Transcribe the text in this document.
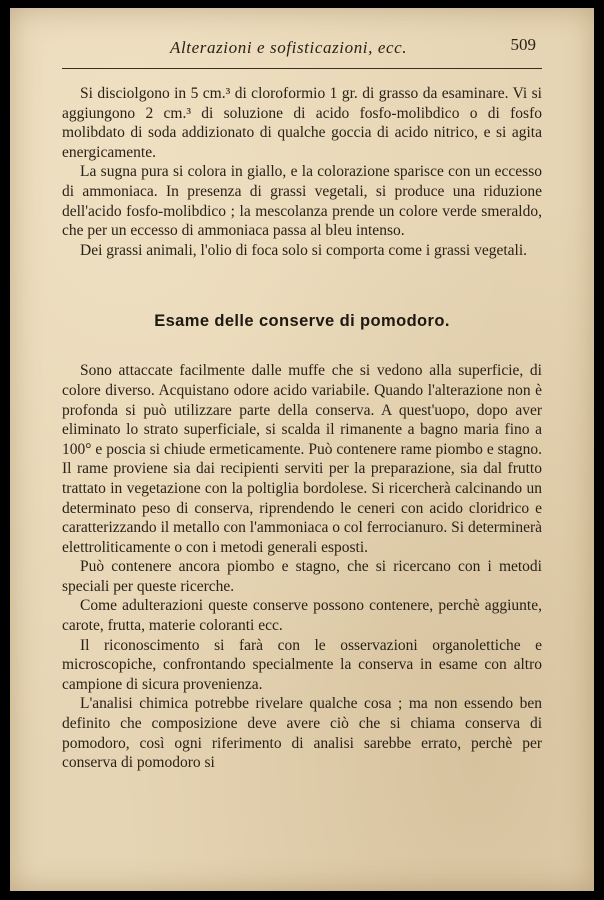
Alterazioni e sofisticazioni, ecc.	509

Si disciolgono in 5 cm.³ di cloroformio 1 gr. di grasso da esaminare. Vi si aggiungono 2 cm.³ di soluzione di acido fosfo-molibdico o di fosfo molibdato di soda addizionato di qualche goccia di acido nitrico, e si agita energicamente.

La sugna pura si colora in giallo, e la colorazione sparisce con un eccesso di ammoniaca. In presenza di grassi vegetali, si produce una riduzione dell'acido fosfo-molibdico ; la mescolanza prende un colore verde smeraldo, che per un eccesso di ammoniaca passa al bleu intenso.

Dei grassi animali, l'olio di foca solo si comporta come i grassi vegetali.

Esame delle conserve di pomodoro.

Sono attaccate facilmente dalle muffe che si vedono alla superficie, di colore diverso. Acquistano odore acido variabile. Quando l'alterazione non è profonda si può utilizzare parte della conserva. A quest'uopo, dopo aver eliminato lo strato superficiale, si scalda il rimanente a bagno maria fino a 100° e poscia si chiude ermeticamente. Può contenere rame piombo e stagno. Il rame proviene sia dai recipienti serviti per la preparazione, sia dal frutto trattato in vegetazione con la poltiglia bordolese. Si ricercherà calcinando un determinato peso di conserva, riprendendo le ceneri con acido cloridrico e caratterizzando il metallo con l'ammoniaca o col ferrocianuro. Si determinerà elettroliticamente o con i metodi generali esposti.

Può contenere ancora piombo e stagno, che si ricercano con i metodi speciali per queste ricerche.

Come adulterazioni queste conserve possono contenere, perchè aggiunte, carote, frutta, materie coloranti ecc.

Il riconoscimento si farà con le osservazioni organolettiche e microscopiche, confrontando specialmente la conserva in esame con altro campione di sicura provenienza.

L'analisi chimica potrebbe rivelare qualche cosa ; ma non essendo ben definito che composizione deve avere ciò che si chiama conserva di pomodoro, così ogni riferimento di analisi sarebbe errato, perchè per conserva di pomodoro si
